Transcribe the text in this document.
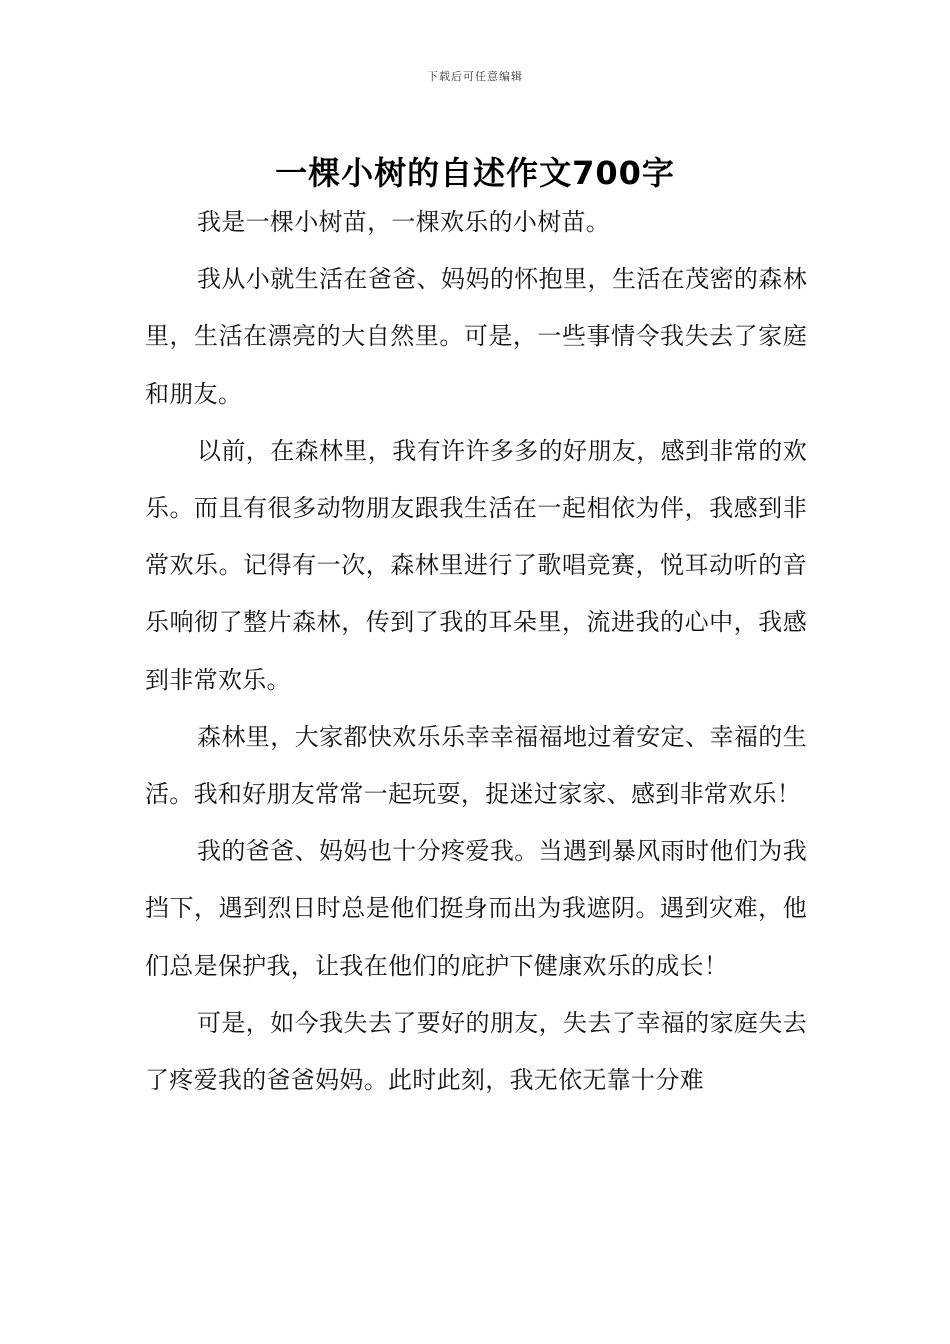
下载后可任意编辑
一棵小树的自述作文700字

我是一棵小树苗，一棵欢乐的小树苗。

我从小就生活在爸爸、妈妈的怀抱里，生活在茂密的森林里，生活在漂亮的大自然里。可是，一些事情令我失去了家庭和朋友。

以前，在森林里，我有许许多多的好朋友，感到非常的欢乐。而且有很多动物朋友跟我生活在一起相依为伴，我感到非常欢乐。记得有一次，森林里进行了歌唱竞赛，悦耳动听的音乐响彻了整片森林，传到了我的耳朵里，流进我的心中，我感到非常欢乐。

森林里，大家都快欢乐乐幸幸福福地过着安定、幸福的生活。我和好朋友常常一起玩耍，捉迷过家家、感到非常欢乐！

我的爸爸、妈妈也十分疼爱我。当遇到暴风雨时他们为我挡下，遇到烈日时总是他们挺身而出为我遮阴。遇到灾难，他们总是保护我，让我在他们的庇护下健康欢乐的成长！

可是，如今我失去了要好的朋友，失去了幸福的家庭失去了疼爱我的爸爸妈妈。此时此刻，我无依无靠十分难
